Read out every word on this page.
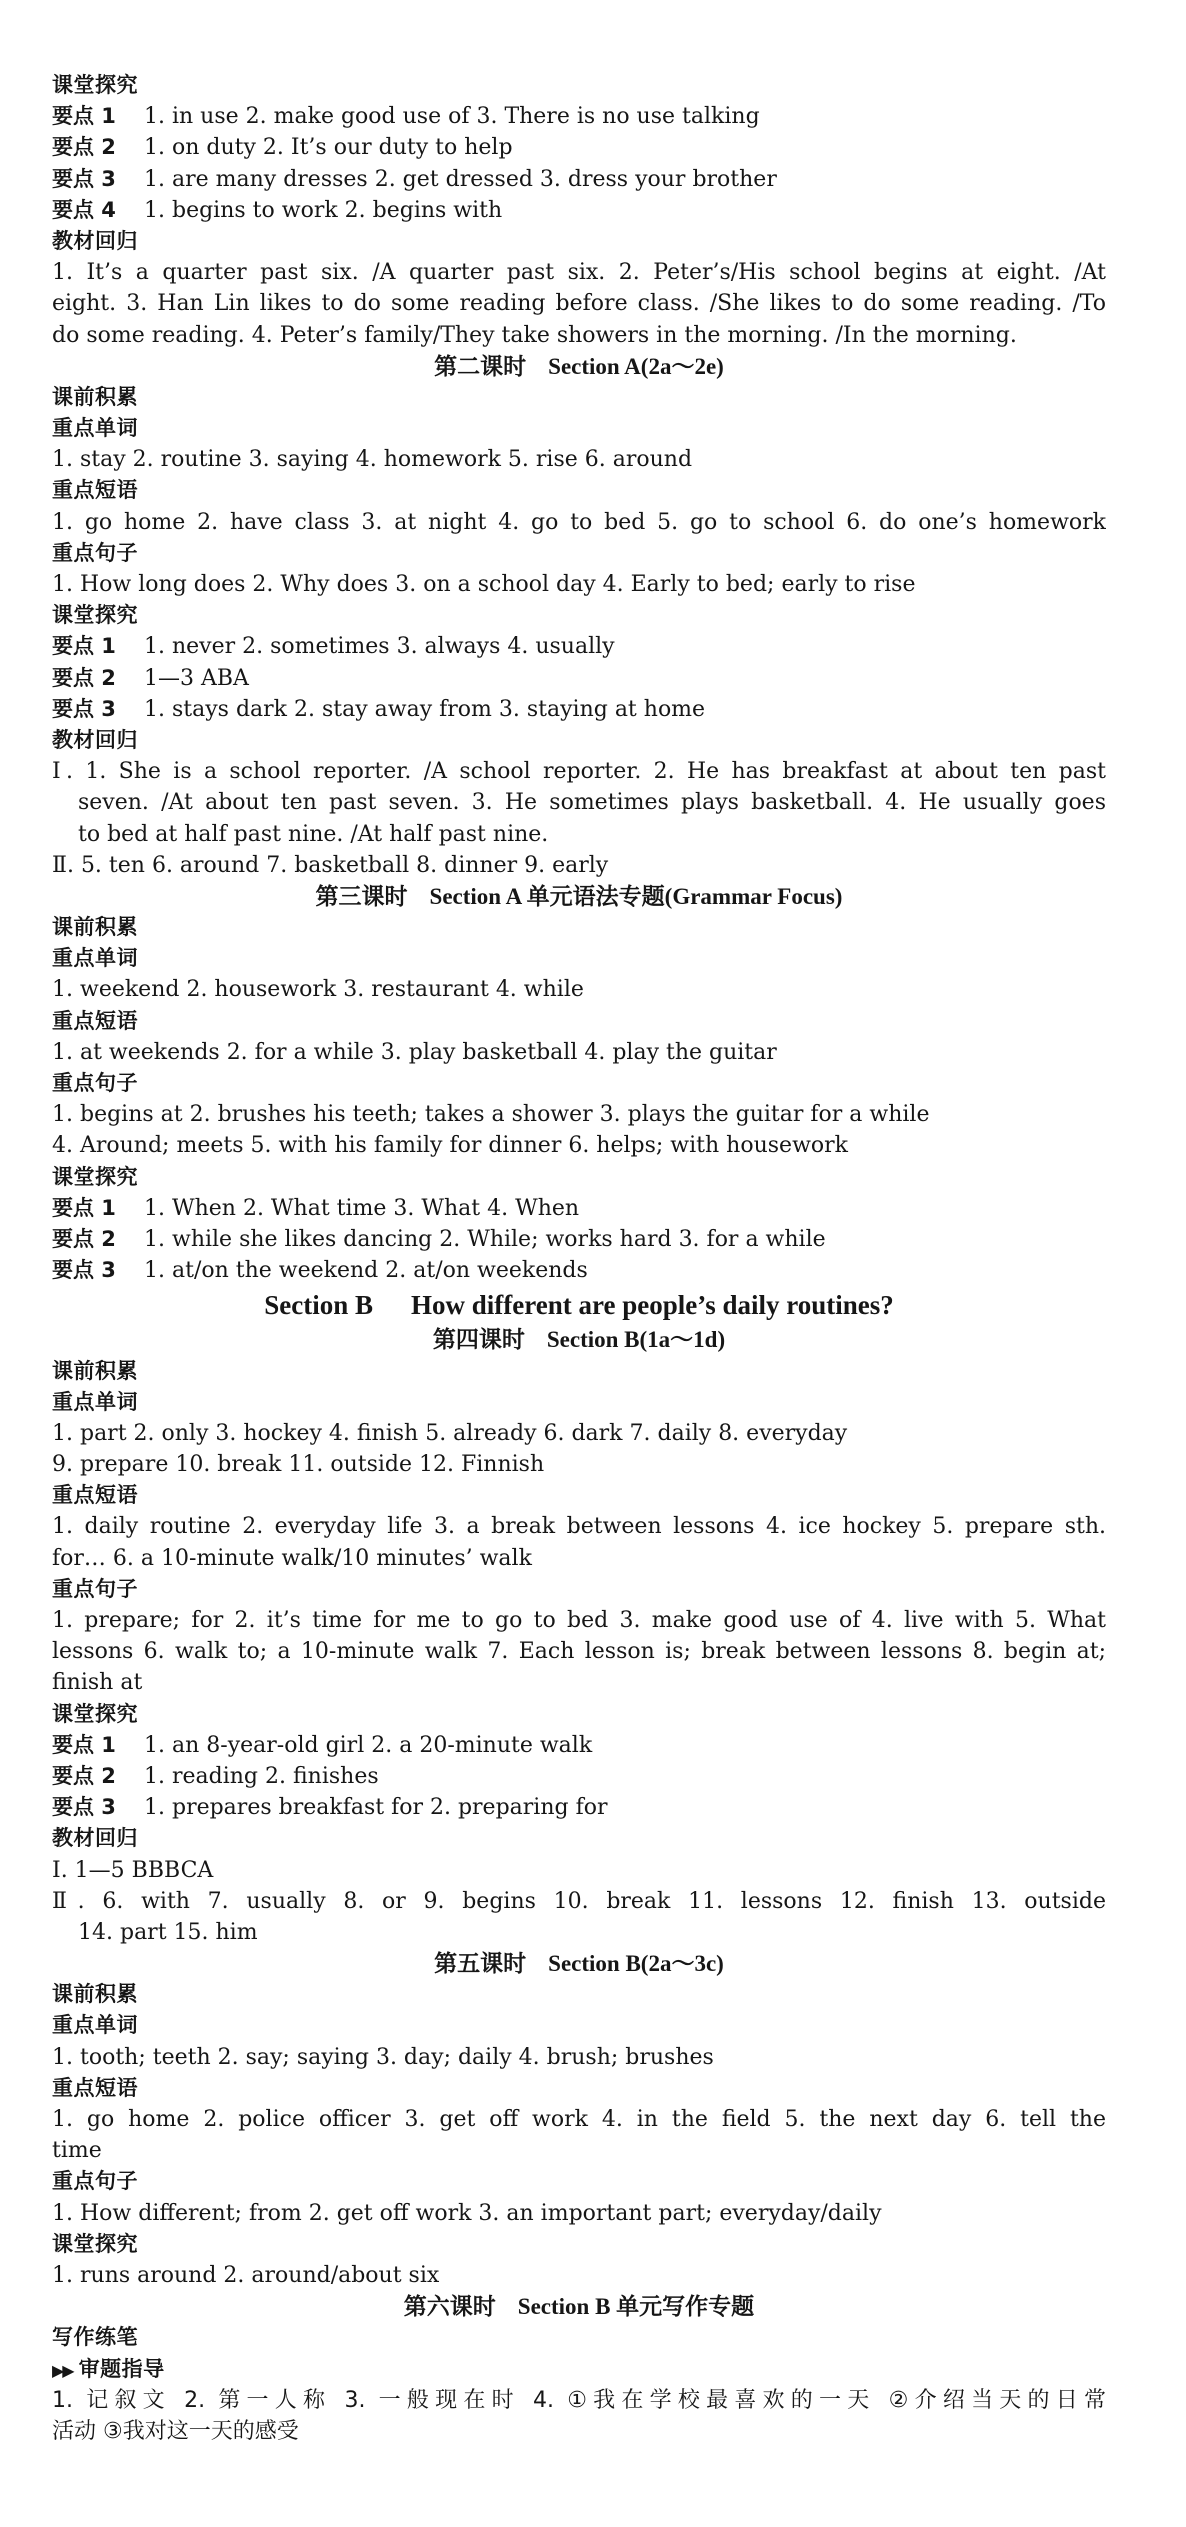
课堂探究
要点 1 1. in use 2. make good use of 3. There is no use talking
要点 2 1. on duty 2. It’s our duty to help
要点 3 1. are many dresses 2. get dressed 3. dress your brother
要点 4 1. begins to work 2. begins with
教材回归
1. It’s a quarter past six. /A quarter past six. 2. Peter’s/His school begins at eight. /At
eight. 3. Han Lin likes to do some reading before class. /She likes to do some reading. /To
do some reading. 4. Peter’s family/They take showers in the morning. /In the morning.
第二课时 Section A(2a～2e)
课前积累
重点单词
1. stay 2. routine 3. saying 4. homework 5. rise 6. around
重点短语
1. go home 2. have class 3. at night 4. go to bed 5. go to school 6. do one’s homework
重点句子
1. How long does 2. Why does 3. on a school day 4. Early to bed; early to rise
课堂探究
要点 1 1. never 2. sometimes 3. always 4. usually
要点 2 1—3 ABA
要点 3 1. stays dark 2. stay away from 3. staying at home
教材回归
Ⅰ. 1. She is a school reporter. /A school reporter. 2. He has breakfast at about ten past
seven. /At about ten past seven. 3. He sometimes plays basketball. 4. He usually goes
to bed at half past nine. /At half past nine.
Ⅱ. 5. ten 6. around 7. basketball 8. dinner 9. early
第三课时 Section A 单元语法专题(Grammar Focus)
课前积累
重点单词
1. weekend 2. housework 3. restaurant 4. while
重点短语
1. at weekends 2. for a while 3. play basketball 4. play the guitar
重点句子
1. begins at 2. brushes his teeth; takes a shower 3. plays the guitar for a while
4. Around; meets 5. with his family for dinner 6. helps; with housework
课堂探究
要点 1 1. When 2. What time 3. What 4. When
要点 2 1. while she likes dancing 2. While; works hard 3. for a while
要点 3 1. at/on the weekend 2. at/on weekends
Section B How different are people’s daily routines?
第四课时 Section B(1a～1d)
课前积累
重点单词
1. part 2. only 3. hockey 4. finish 5. already 6. dark 7. daily 8. everyday
9. prepare 10. break 11. outside 12. Finnish
重点短语
1. daily routine 2. everyday life 3. a break between lessons 4. ice hockey 5. prepare sth.
for… 6. a 10-minute walk/10 minutes’ walk
重点句子
1. prepare; for 2. it’s time for me to go to bed 3. make good use of 4. live with 5. What
lessons 6. walk to; a 10-minute walk 7. Each lesson is; break between lessons 8. begin at;
finish at
课堂探究
要点 1 1. an 8-year-old girl 2. a 20-minute walk
要点 2 1. reading 2. finishes
要点 3 1. prepares breakfast for 2. preparing for
教材回归
Ⅰ. 1—5 BBBCA
Ⅱ. 6. with 7. usually 8. or 9. begins 10. break 11. lessons 12. finish 13. outside
14. part 15. him
第五课时 Section B(2a～3c)
课前积累
重点单词
1. tooth; teeth 2. say; saying 3. day; daily 4. brush; brushes
重点短语
1. go home 2. police officer 3. get off work 4. in the field 5. the next day 6. tell the
time
重点句子
1. How different; from 2. get off work 3. an important part; everyday/daily
课堂探究
1. runs around 2. around/about six
第六课时 Section B 单元写作专题
写作练笔
▶▶ 审题指导
1. 记叙文 2. 第一人称 3. 一般现在时 4. ①我在学校最喜欢的一天 ②介绍当天的日常
活动 ③我对这一天的感受
